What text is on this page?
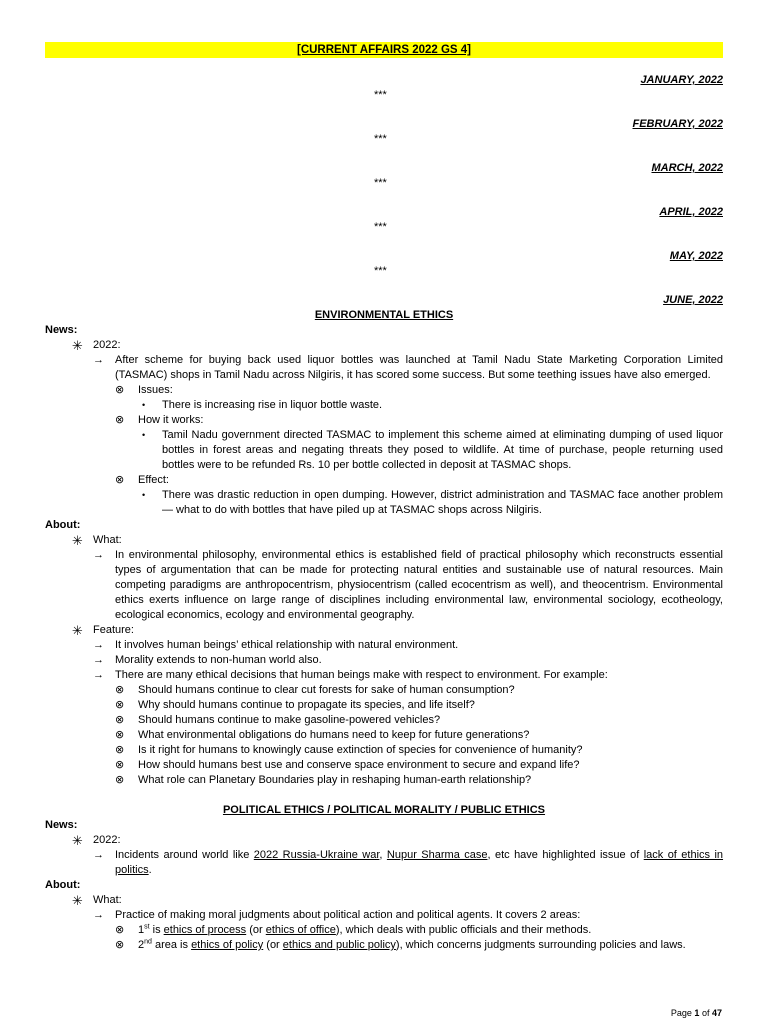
[CURRENT AFFAIRS 2022 GS 4]
JANUARY, 2022
***
FEBRUARY, 2022
***
MARCH, 2022
***
APRIL, 2022
***
MAY, 2022
***
JUNE, 2022
ENVIRONMENTAL ETHICS
News:
✳ 2022:
→ After scheme for buying back used liquor bottles was launched at Tamil Nadu State Marketing Corporation Limited (TASMAC) shops in Tamil Nadu across Nilgiris, it has scored some success. But some teething issues have also emerged.
⊗ Issues:
• There is increasing rise in liquor bottle waste.
⊗ How it works:
• Tamil Nadu government directed TASMAC to implement this scheme aimed at eliminating dumping of used liquor bottles in forest areas and negating threats they posed to wildlife. At time of purchase, people returning used bottles were to be refunded Rs. 10 per bottle collected in deposit at TASMAC shops.
⊗ Effect:
• There was drastic reduction in open dumping. However, district administration and TASMAC face another problem — what to do with bottles that have piled up at TASMAC shops across Nilgiris.
About:
✳ What:
→ In environmental philosophy, environmental ethics is established field of practical philosophy which reconstructs essential types of argumentation that can be made for protecting natural entities and sustainable use of natural resources. Main competing paradigms are anthropocentrism, physiocentrism (called ecocentrism as well), and theocentrism. Environmental ethics exerts influence on large range of disciplines including environmental law, environmental sociology, ecotheology, ecological economics, ecology and environmental geography.
✳ Feature:
→ It involves human beings’ ethical relationship with natural environment.
→ Morality extends to non-human world also.
→ There are many ethical decisions that human beings make with respect to environment. For example:
⊗ Should humans continue to clear cut forests for sake of human consumption?
⊗ Why should humans continue to propagate its species, and life itself?
⊗ Should humans continue to make gasoline-powered vehicles?
⊗ What environmental obligations do humans need to keep for future generations?
⊗ Is it right for humans to knowingly cause extinction of species for convenience of humanity?
⊗ How should humans best use and conserve space environment to secure and expand life?
⊗ What role can Planetary Boundaries play in reshaping human-earth relationship?
POLITICAL ETHICS / POLITICAL MORALITY / PUBLIC ETHICS
News:
✳ 2022:
→ Incidents around world like 2022 Russia-Ukraine war, Nupur Sharma case, etc have highlighted issue of lack of ethics in politics.
About:
✳ What:
→ Practice of making moral judgments about political action and political agents. It covers 2 areas:
⊗ 1st is ethics of process (or ethics of office), which deals with public officials and their methods.
⊗ 2nd area is ethics of policy (or ethics and public policy), which concerns judgments surrounding policies and laws.
Page 1 of 47
